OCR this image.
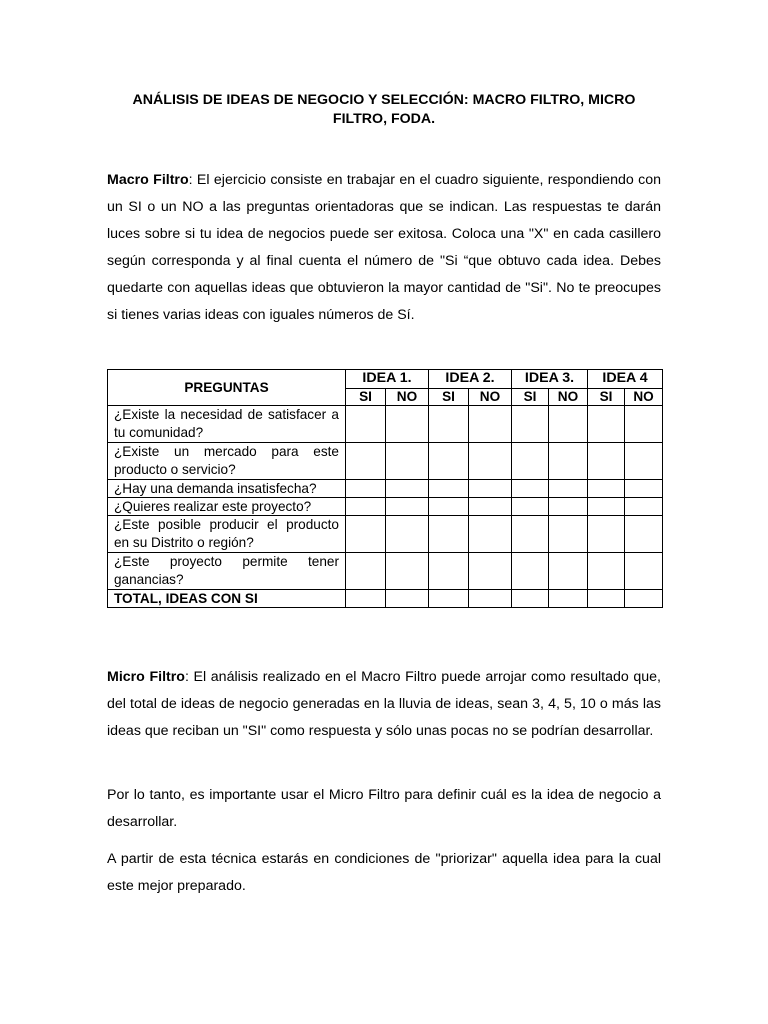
ANÁLISIS DE IDEAS DE NEGOCIO Y SELECCIÓN: MACRO FILTRO, MICRO FILTRO, FODA.

Macro Filtro: El ejercicio consiste en trabajar en el cuadro siguiente, respondiendo con un SI o un NO a las preguntas orientadoras que se indican. Las respuestas te darán luces sobre si tu idea de negocios puede ser exitosa. Coloca una "X" en cada casillero según corresponda y al final cuenta el número de "Si “que obtuvo cada idea. Debes quedarte con aquellas ideas que obtuvieron la mayor cantidad de "Si". No te preocupes si tienes varias ideas con iguales números de Sí.

PREGUNTAS	IDEA 1.		IDEA 2.		IDEA 3.		IDEA 4	
	SI	NO	SI	NO	SI	NO	SI	NO
¿Existe la necesidad de satisfacer a tu comunidad?								
¿Existe un mercado para este producto o servicio?								
¿Hay una demanda insatisfecha?								
¿Quieres realizar este proyecto?								
¿Este posible producir el producto en su Distrito o región?								
¿Este proyecto permite tener ganancias?								
TOTAL, IDEAS CON SI								

Micro Filtro: El análisis realizado en el Macro Filtro puede arrojar como resultado que, del total de ideas de negocio generadas en la lluvia de ideas, sean 3, 4, 5, 10 o más las ideas que reciban un "SI" como respuesta y sólo unas pocas no se podrían desarrollar.

Por lo tanto, es importante usar el Micro Filtro para definir cuál es la idea de negocio a desarrollar.

A partir de esta técnica estarás en condiciones de "priorizar" aquella idea para la cual este mejor preparado.
